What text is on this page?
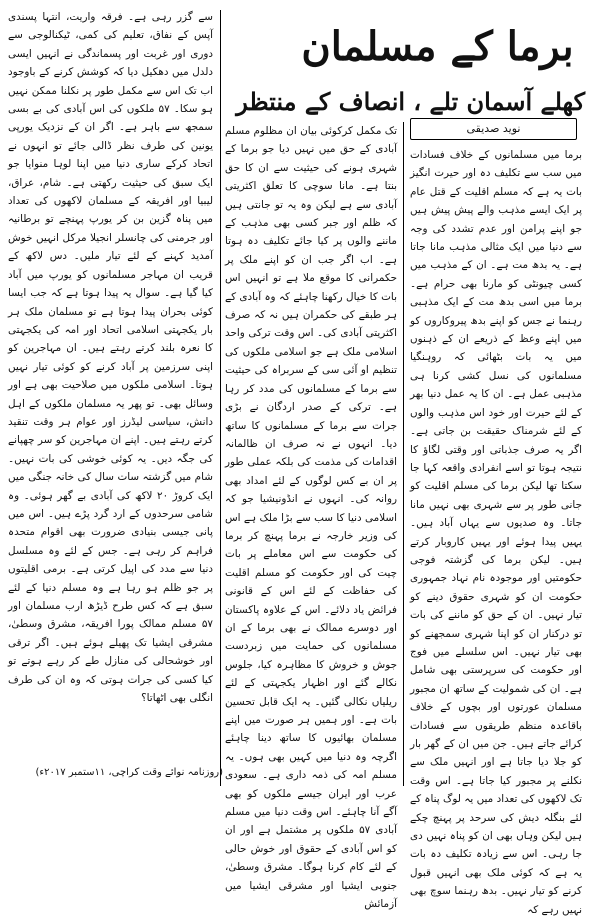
برما کے مسلمان
کھلے آسمان تلے ، انصاف کے منتظر
نوید صدیقی

برما میں مسلمانوں کے خلاف فسادات میں سب سے تکلیف دہ اور حیرت انگیز بات یہ ہے کہ مسلم اقلیت کے قتل عام پر ایک ایسے مذہب والے پیش پیش ہیں جو اپنے پرامن اور عدم تشدد کی وجہ سے دنیا میں ایک مثالی مذہب مانا جاتا ہے۔ یہ بدھ مت ہے۔ ان کے مذہب میں کسی چیونٹی کو مارنا بھی حرام ہے۔ برما میں اسی بدھ مت کے ایک مذہبی رہنما نے جس کو اپنے بدھ پیروکاروں کو میں اپنے وعظ کے ذریعے ان کے ذہنوں میں یہ بات بٹھائی کہ روہنگیا مسلمانوں کی نسل کشی کرنا ہی مذہبی عمل ہے۔ ان کا یہ عمل دنیا بھر کے لئے حیرت اور خود اس مذہب والوں کے لئے شرمناک حقیقت بن جاتی ہے۔ اگر یہ صرف جذباتی اور وقتی لگاؤ کا نتیجہ ہوتا تو اسے انفرادی واقعہ کہا جا سکتا تھا لیکن برما کی مسلم اقلیت کو جانی طور پر سے شہری بھی نہیں مانا جاتا۔ وہ صدیوں سے یہاں آباد ہیں۔ یہیں پیدا ہوئے اور یہیں کاروبار کرتے ہیں۔ لیکن برما کی گزشتہ فوجی حکومتیں اور موجودہ نام نہاد جمہوری حکومت ان کو شہری حقوق دینے کو تیار نہیں۔ ان کے حق کو ماننے کی بات تو درکنار ان کو اپنا شہری سمجھنے کو بھی تیار نہیں۔ اس سلسلے میں فوج اور حکومت کی سرپرستی بھی شامل ہے۔ ان کی شمولیت کے ساتھ ان مجبور مسلمان عورتوں اور بچوں کے خلاف باقاعدہ منظم طریقوں سے فسادات کرائے جاتے ہیں۔ جن میں ان کے گھر بار کو جلا دیا جاتا ہے اور انہیں ملک سے نکلنے پر مجبور کیا جاتا ہے۔ اس وقت تک لاکھوں کی تعداد میں یہ لوگ پناہ کے لئے بنگلہ دیش کی سرحد پر پہنچ چکے ہیں لیکن وہاں بھی ان کو پناہ نہیں دی جا رہی۔ اس سے زیادہ تکلیف دہ بات یہ ہے کہ کوئی ملک بھی انہیں قبول کرنے کو تیار نہیں۔ بدھ رہنما سوچ بھی نہیں رہے کہ

تک مکمل کرکوئی بیان ان مظلوم مسلم آبادی کے حق میں نہیں دیا جو برما کے شہری ہونے کی حیثیت سے ان کا حق بنتا ہے۔ مانا سوچی کا تعلق اکثریتی آبادی سے ہے لیکن وہ یہ تو جانتی ہیں کہ ظلم اور جبر کسی بھی مذہب کے ماننے والوں پر کیا جائے تکلیف دہ ہوتا ہے۔ اب اگر جب ان کو اپنے ملک پر حکمرانی کا موقع ملا ہے تو انہیں اس بات کا خیال رکھنا چاہئے کہ وہ آبادی کے ہر طبقے کی حکمران ہیں نہ کہ صرف اکثریتی آبادی کی۔ اس وقت ترکی واحد اسلامی ملک ہے جو اسلامی ملکوں کی تنظیم او آئی سی کے سربراہ کی حیثیت سے برما کے مسلمانوں کی مدد کر رہا ہے۔ ترکی کے صدر اردگان نے بڑی جرات سے برما کے مسلمانوں کا ساتھ دیا۔ انہوں نے نہ صرف ان ظالمانہ اقدامات کی مذمت کی بلکہ عملی طور پر ان بے کس لوگوں کے لئے امداد بھی روانہ کی۔ انہوں نے انڈونیشیا جو کہ اسلامی دنیا کا سب سے بڑا ملک ہے اس کی وزیر خارجہ نے برما پہنچ کر برما کی حکومت سے اس معاملے پر بات چیت کی اور حکومت کو مسلم اقلیت کی حفاظت کے لئے اس کے قانونی فرائض یاد دلائے۔ اس کے علاوہ پاکستان اور دوسرے ممالک نے بھی برما کے ان مسلمانوں کی حمایت میں زبردست جوش و خروش کا مظاہرہ کیا، جلوس نکالے گئے اور اظہار یکجہتی کے لئے ریلیاں نکالی گئیں۔ یہ ایک قابل تحسین بات ہے۔ اور ہمیں ہر صورت میں اپنے مسلمان بھائیوں کا ساتھ دینا چاہئے اگرچہ وہ دنیا میں کہیں بھی ہوں۔ یہ مسلم امہ کی ذمہ داری ہے۔ سعودی عرب اور ایران جیسے ملکوں کو بھی آگے آنا چاہئے۔ اس وقت دنیا میں مسلم آبادی ۵۷ ملکوں پر مشتمل ہے اور ان کو اس آبادی کے حقوق اور خوش حالی کے لئے کام کرنا ہوگا۔ مشرق وسطیٰ، جنوبی ایشیا اور مشرقی ایشیا میں آزمائش

سے گزر رہی ہے۔ فرقہ واریت، انتہا پسندی آپس کے نفاق، تعلیم کی کمی، ٹیکنالوجی سے دوری اور غربت اور پسماندگی نے انہیں ایسی دلدل میں دھکیل دیا کہ کوشش کرنے کے باوجود اب تک اس سے مکمل طور پر نکلنا ممکن نہیں ہو سکا۔ ۵۷ ملکوں کی اس آبادی کی بے بسی سمجھ سے باہر ہے۔ اگر ان کے نزدیک یورپی یونین کی طرف نظر ڈالی جائے تو انہوں نے اتحاد کرکے ساری دنیا میں اپنا لوہا منوایا جو ایک سبق کی حیثیت رکھتی ہے۔ شام، عراق، لیبیا اور افریقہ کے مسلمان لاکھوں کی تعداد میں پناہ گزین بن کر یورپ پہنچے تو برطانیہ اور جرمنی کی چانسلر انجیلا مرکل انہیں خوش آمدید کہنے کے لئے تیار ملیں۔ دس لاکھ کے قریب ان مہاجر مسلمانوں کو یورپ میں آباد کیا گیا ہے۔ سوال یہ پیدا ہوتا ہے کہ جب ایسا کوئی بحران پیدا ہوتا ہے تو مسلمان ملک ہر بار یکجہتی اسلامی اتحاد اور امہ کی یکجہتی کا نعرہ بلند کرتے رہتے ہیں۔ ان مہاجرین کو اپنی سرزمین پر آباد کرنے کو کوئی تیار نہیں ہوتا۔ اسلامی ملکوں میں صلاحیت بھی ہے اور وسائل بھی۔ تو پھر یہ مسلمان ملکوں کے اہل دانش، سیاسی لیڈرز اور عوام ہر وقت تنقید کرتے رہتے ہیں۔ اپنے ان مہاجرین کو سر چھپانے کی جگہ دیں۔ یہ کوئی خوشی کی بات نہیں۔ شام میں گزشتہ سات سال کی خانہ جنگی میں ایک کروڑ ۲۰ لاکھ کی آبادی بے گھر ہوئی۔ وہ شامی سرحدوں کے ارد گرد پڑے ہیں۔ اس میں پانی جیسی بنیادی ضرورت بھی اقوام متحدہ فراہم کر رہی ہے۔ جس کے لئے وہ مسلسل دنیا سے مدد کی اپیل کرتی ہے۔ برمی اقلیتوں پر جو ظلم ہو رہا ہے وہ مسلم دنیا کے لئے سبق ہے کہ کس طرح ڈیڑھ ارب مسلمان اور ۵۷ مسلم ممالک پورا افریقہ، مشرق وسطیٰ، مشرقی ایشیا تک پھیلے ہوئے ہیں۔ اگر ترقی اور خوشحالی کی منازل طے کر رہے ہوتے تو کیا کسی کی جرات ہوتی کہ وہ ان کی طرف انگلی بھی اٹھاتا؟

(روزنامہ نوائے وقت کراچی، ۱۱ستمبر ۲۰۱۷ء)
